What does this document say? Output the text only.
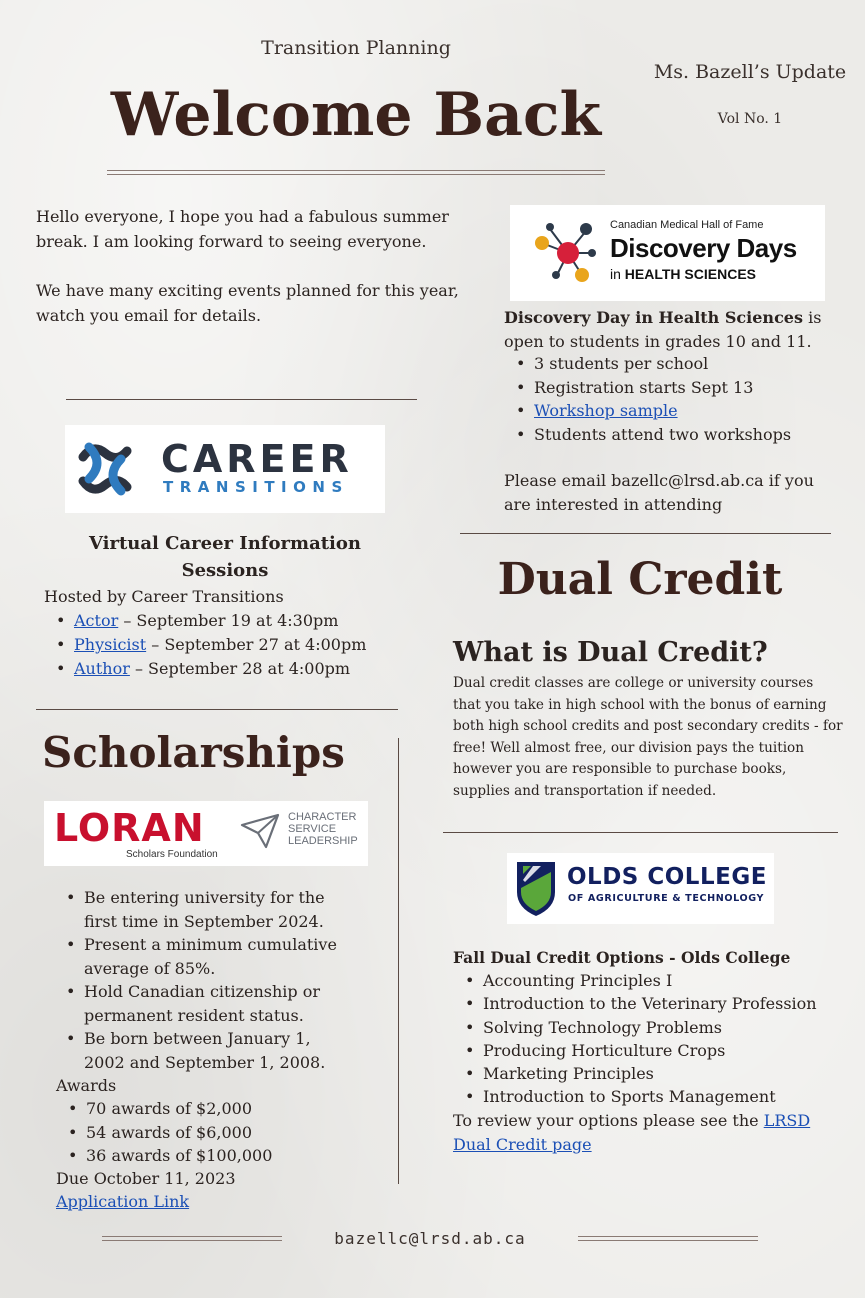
Transition Planning
Ms. Bazell’s Update
Vol No. 1
Welcome Back
Hello everyone, I hope you had a fabulous summer break. I am looking forward to seeing everyone.
We have many exciting events planned for this year, watch you email for details.
Canadian Medical Hall of Fame
Discovery Days
in HEALTH SCIENCES
Discovery Day in Health Sciences is open to students in grades 10 and 11.
• 3 students per school
• Registration starts Sept 13
• Workshop sample
• Students attend two workshops
Please email bazellc@lrsd.ab.ca if you are interested in attending
CAREER
TRANSITIONS
Virtual Career Information Sessions
Hosted by Career Transitions
• Actor – September 19 at 4:30pm
• Physicist – September 27 at 4:00pm
• Author – September 28 at 4:00pm
Dual Credit
What is Dual Credit?
Dual credit classes are college or university courses that you take in high school with the bonus of earning both high school credits and post secondary credits - for free! Well almost free, our division pays the tuition however you are responsible to purchase books, supplies and transportation if needed.
OLDS COLLEGE
OF AGRICULTURE & TECHNOLOGY
Fall Dual Credit Options - Olds College
• Accounting Principles I
• Introduction to the Veterinary Profession
• Solving Technology Problems
• Producing Horticulture Crops
• Marketing Principles
• Introduction to Sports Management
To review your options please see the LRSD Dual Credit page
Scholarships
LORAN
Scholars Foundation
CHARACTER
SERVICE
LEADERSHIP
• Be entering university for the first time in September 2024.
• Present a minimum cumulative average of 85%.
• Hold Canadian citizenship or permanent resident status.
• Be born between January 1, 2002 and September 1, 2008.
Awards
• 70 awards of $2,000
• 54 awards of $6,000
• 36 awards of $100,000
Due October 11, 2023
Application Link
bazellc@lrsd.ab.ca
